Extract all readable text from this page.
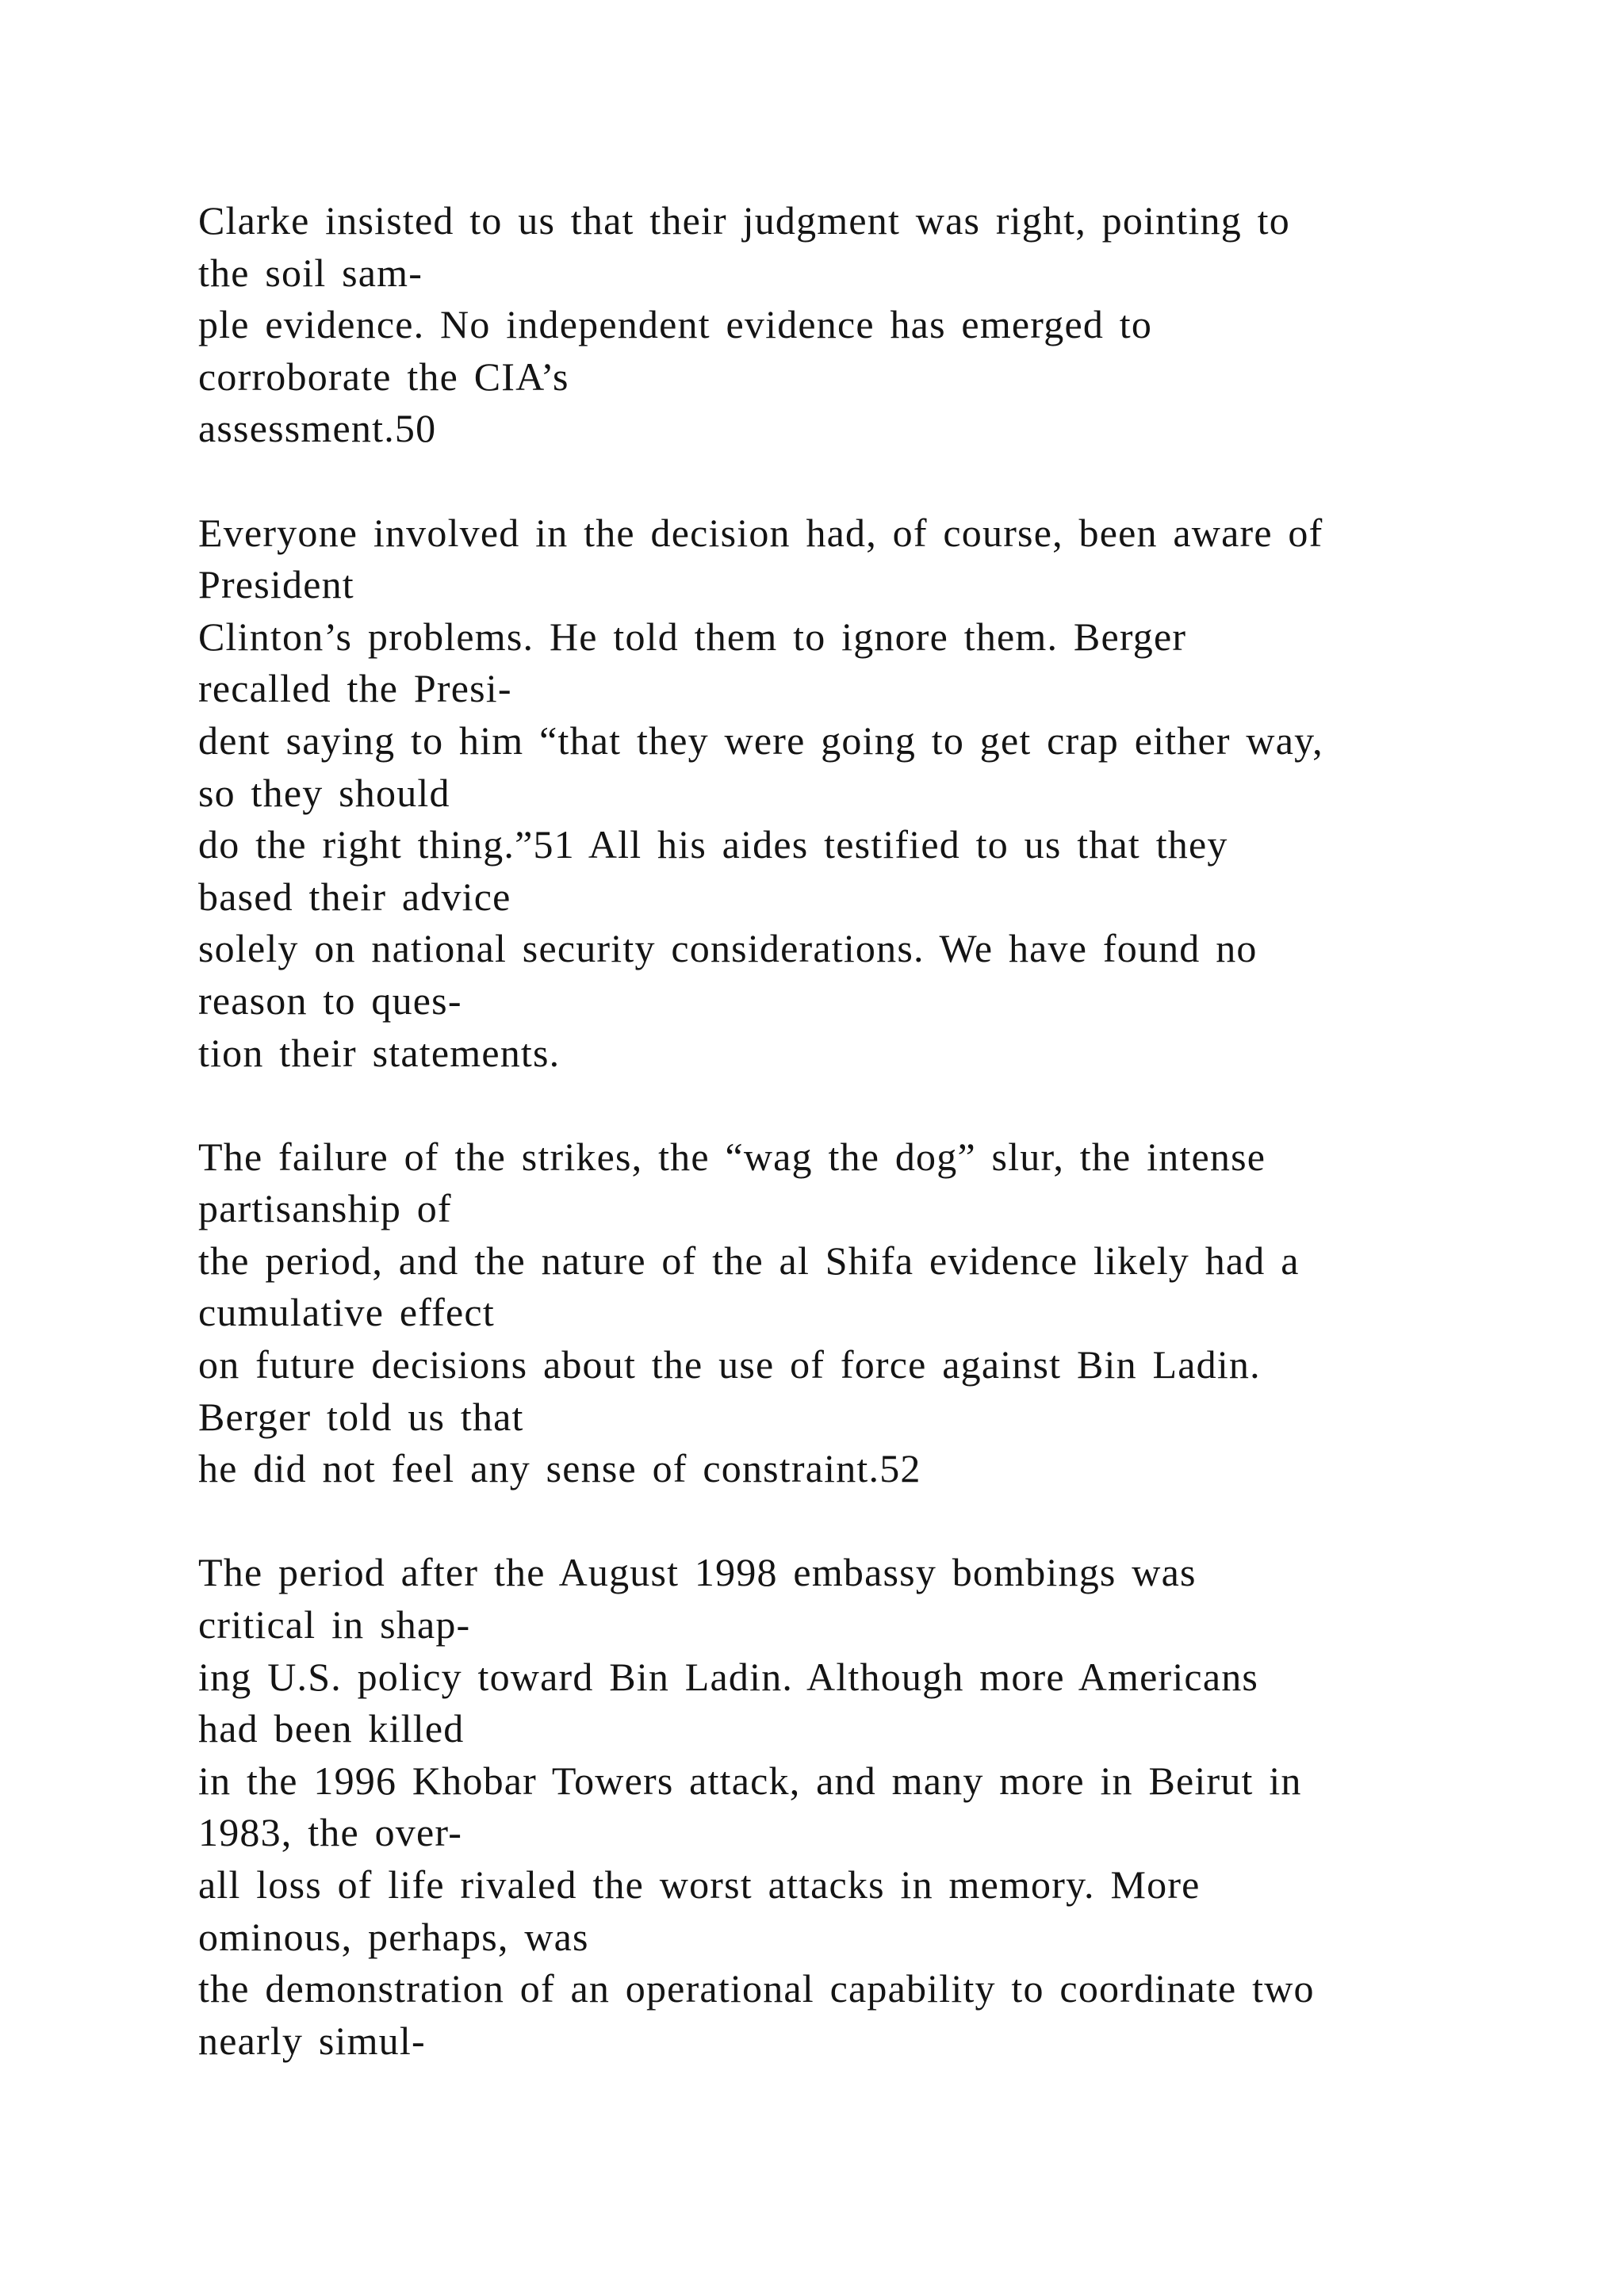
Clarke insisted to us that their judgment was right, pointing to
the soil sam-
ple evidence. No independent evidence has emerged to
corroborate the CIA’s
assessment.50
Everyone involved in the decision had, of course, been aware of
President
Clinton’s problems. He told them to ignore them. Berger
recalled the Presi-
dent saying to him “that they were going to get crap either way,
so they should
do the right thing.”51 All his aides testified to us that they
based their advice
solely on national security considerations. We have found no
reason to ques-
tion their statements.
The failure of the strikes, the “wag the dog” slur, the intense
partisanship of
the period, and the nature of the al Shifa evidence likely had a
cumulative effect
on future decisions about the use of force against Bin Ladin.
Berger told us that
he did not feel any sense of constraint.52
The period after the August 1998 embassy bombings was
critical in shap-
ing U.S. policy toward Bin Ladin. Although more Americans
had been killed
in the 1996 Khobar Towers attack, and many more in Beirut in
1983, the over-
all loss of life rivaled the worst attacks in memory. More
ominous, perhaps, was
the demonstration of an operational capability to coordinate two
nearly simul-
